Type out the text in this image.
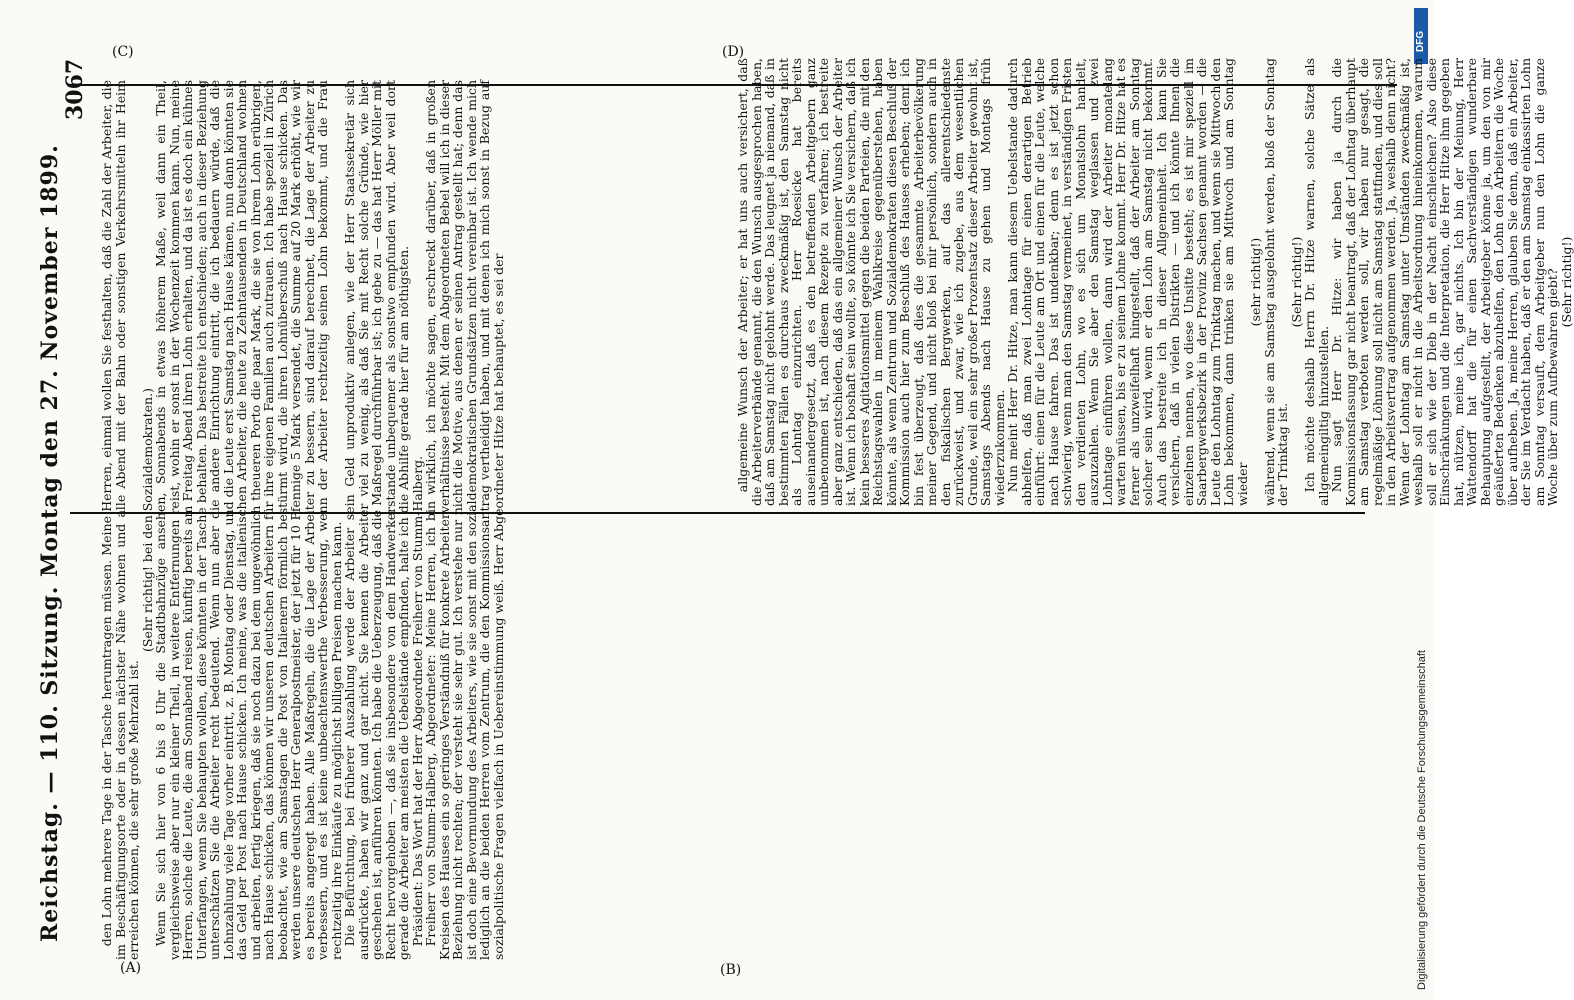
Reichstag. — 110. Sitzung. Montag den 27. November 1899.
3067
(A)	(B)
(C)	(D)
Digitalisierung gefördert durch die Deutsche Forschungsgemeinschaft
DFG

den Lohn mehrere Tage in der Tasche herumtragen müssen. Meine Herren, einmal wollen Sie festhalten, daß die Zahl der Arbeiter, die im Beschäftigungsorte oder in dessen nächster Nähe wohnen und alle Abend mit der Bahn oder sonstigen Verkehrsmitteln ihr Heim erreichen können, die sehr große Mehrzahl ist.

(Sehr richtig! bei den Sozialdemokraten.)

Wenn Sie sich hier von 6 bis 8 Uhr die Stadtbahnzüge ansehen, Sonnabends in etwas höherem Maße, weil dann ein Theil, vergleichsweise aber nur ein kleiner Theil, in weitere Entfernungen reist, wohin er sonst in der Wochenzeit kommen kann. Nun, meine Herren, solche die Leute, die am Sonnabend reisen, künftig bereits am Freitag Abend ihren Lohn erhalten, und da ist es doch ein kühnes Unterfangen, wenn Sie behaupten wollen, diese könnten in der Tasche behalten. Das bestreite ich entschieden; auch in dieser Beziehung unterschätzen Sie die Arbeiter recht bedeutend. Wenn nun aber die andere Einrichtung eintritt, die ich bedauern würde, daß die Lohnzahlung viele Tage vorher eintritt, z. B. Montag oder Dienstag, und die Leute erst Samstag nach Hause kämen, nun dann könnten sie das Geld per Post nach Hause schicken. Ich meine, was die italienischen Arbeiter, die heute zu Zehntausenden in Deutschland wohnen und arbeiten, fertig kriegen, daß sie noch dazu bei dem ungewöhnlich theueren Porto die paar Mark, die sie von ihrem Lohn erübrigen, nach Hause schicken, das können wir unseren deutschen Arbeitern für ihre eigenen Familien auch zutrauen. Ich habe speziell in Zürich beobachtet, wie am Samstagen die Post von Italienern förmlich bestürmt wird, die ihren Lohnüberschuß nach Hause schicken. Das werden unsere deutschen Herr Generalpostmeister, der jetzt für 10 Pfennige 5 Mark versendet, die Summe auf 20 Mark erhöht, wie wir es bereits angeregt haben. Alle Maßregeln, die die Lage der Arbeiter zu bessern, sind darauf berechnet, die Lage der Arbeiter zu verbessern, und es ist keine unbeachtenswerthe Verbesserung, wenn der Arbeiter rechtzeitig seinen Lohn bekommt, und die Frau rechtzeitig ihre Einkäufe zu möglichst billigen Preisen machen kann.

Die Befürchtung, bei früherer Auszahlung werde der Arbeiter sein Geld unproduktiv anlegen, wie der Herr Staatssekretär sich ausdrückte, haben wir ganz und gar nicht. Sie kennen die Arbeiter viel zu wenig, als daß Sie mit Recht solche Gründe, wie hier geschehen ist, anführen könnten. Ich habe die Ueberzeugung, daß die Maßregel durchführbar ist; ich gebe zu — das hat Herr Möller mit Recht hervorgehoben —, daß sie insbesondere von dem Handwerkerstande unbequemer als sonstwo empfunden wird. Aber weil dort gerade die Arbeiter am meisten die Uebelstände empfinden, halte ich die Abhilfe gerade hier für am nöthigsten.

Präsident: Das Wort hat der Herr Abgeordnete Freiherr von Stumm-Halberg.

Freiherr von Stumm-Halberg, Abgeordneter: Meine Herren, ich bin wirklich, ich möchte sagen, erschreckt darüber, daß in großen Kreisen des Hauses ein so geringes Verständniß für konkrete Arbeiterverhältnisse besteht. Mit dem Abgeordneten Bebel will ich in dieser Beziehung nicht rechten; der versteht sie sehr gut. Ich verstehe nur nicht die Motive, aus denen er seinen Antrag gestellt hat; denn das ist doch eine Bevormundung des Arbeiters, wie sie sonst mit den sozialdemokratischen Grundsätzen nicht vereinbar ist. Ich wende mich lediglich an die beiden Herren vom Zentrum, die den Kommissionsantrag vertheidigt haben, und mit denen ich mich sonst in Bezug auf sozialpolitische Fragen vielfach in Uebereinstimmung weiß. Herr Abgeordneter Hitze hat behauptet, es sei der	allgemeine Wunsch der Arbeiter; er hat uns auch versichert, daß die Arbeiterverbände genannt, die den Wunsch ausgesprochen haben, daß am Samstag nicht gelohnt werde. Das leugnet ja niemand, daß in bestimmten Fällen es durchaus zweckmäßig ist, den Samstag nicht als Lohntag einzurichten. Herr Roesicke hat bereits auseinandergesetzt, daß es den betreffenden Arbeitgebern ganz unbenommen ist, nach diesem Rezepte zu verfahren; ich bestreite aber ganz entschieden, daß das ein allgemeiner Wunsch der Arbeiter ist. Wenn ich boshaft sein wollte, so könnte ich Sie versichern, daß ich kein besseres Agitationsmittel gegen die beiden Parteien, die mit den Reichstagswahlen in meinem Wahlkreise gegenüberstehen, haben könnte, als wenn Zentrum und Sozialdemokraten diesen Beschluß der Kommission auch hier zum Beschluß des Hauses erheben; denn ich bin fest überzeugt, daß dies die gesammte Arbeiterbevölkerung meiner Gegend, und nicht bloß bei mir persönlich, sondern auch in den fiskalischen Bergwerken, auf das allerentschiedenste zurückweist, und zwar, wie ich zugebe, aus dem wesentlichen Grunde, weil ein sehr großer Prozentsatz dieser Arbeiter gewohnt ist, Samstags Abends nach Hause zu gehen und Montags früh wiederzukommen.

Nun meint Herr Dr. Hitze, man kann diesem Uebelstande dadurch abhelfen, daß man zwei Lohntage für einen derartigen Betrieb einführt: einen für die Leute am Ort und einen für die Leute, welche nach Hause fahren. Das ist undenkbar; denn es ist jetzt schon schwierig, wenn man den Samstag vermeinet, in verständigen Fristen den verdienten Lohn, wo es sich um Monatslohn handelt, auszuzahlen. Wenn Sie aber den Samstag weglassen und zwei Lohntage einführen wollen, dann wird der Arbeiter monatelang warten müssen, bis er zu seinem Lohne kommt. Herr Dr. Hitze hat es ferner als unzweifelhaft hingestellt, daß der Arbeiter am Sonntag solcher sein wird, wenn er den Lohn am Samstag nicht bekommt. Auch das bestreite ich in dieser Allgemeinheit. Ich kann Sie versichern, daß in vielen Distrikten — und ich könnte Ihnen die einzelnen nennen, wo diese Unsitte besteht; es ist mir speziell im Saarbergwerksbezirk in der Provinz Sachsen genannt worden — die Leute den Lohntag zum Trinktag machen, und wenn sie Mittwoch den Lohn bekommen, dann trinken sie am Mittwoch und am Sonntag wieder

(sehr richtig!)

während, wenn sie am Samstag ausgelohnt werden, bloß der Sonntag der Trinktag ist.

(Sehr richtig!)

Ich möchte deshalb Herrn Dr. Hitze warnen, solche Sätze als allgemeingiltig hinzustellen.

Nun sagt Herr Dr. Hitze: wir haben ja durch die Kommissionsfassung gar nicht beantragt, daß der Lohntag überhaupt am Samstag verboten werden soll, wir haben nur gesagt, die regelmäßige Löhnung soll nicht am Samstag stattfinden, und dies soll in den Arbeitsvertrag aufgenommen werden. Ja, weshalb denn nicht? Wenn der Lohntag am Samstag unter Umständen zweckmäßig ist, weshalb soll er nicht in die Arbeitsordnung hineinkommen, warum soll er sich wie der Dieb in der Nacht einschleichen? Also diese Einschränkungen und die Interpretation, die Herr Hitze ihm gegeben hat, nützen, meine ich, gar nichts. Ich bin der Meinung, Herr Wattendorff hat die für einen Sachverständigen wunderbare Behauptung aufgestellt, der Arbeitgeber könne ja, um den von mir geäußerten Bedenken abzuhelfen, den Lohn den Arbeitern die Woche über aufheben. Ja, meine Herren, glauben Sie denn, daß ein Arbeiter, der Sie im Verdacht haben, daß er den am Samstag einkassirten Lohn am Sonntag versauft, dem Arbeitgeber nun den Lohn die ganze Woche über zum Aufbewahren giebt?

(Sehr richtig!)
